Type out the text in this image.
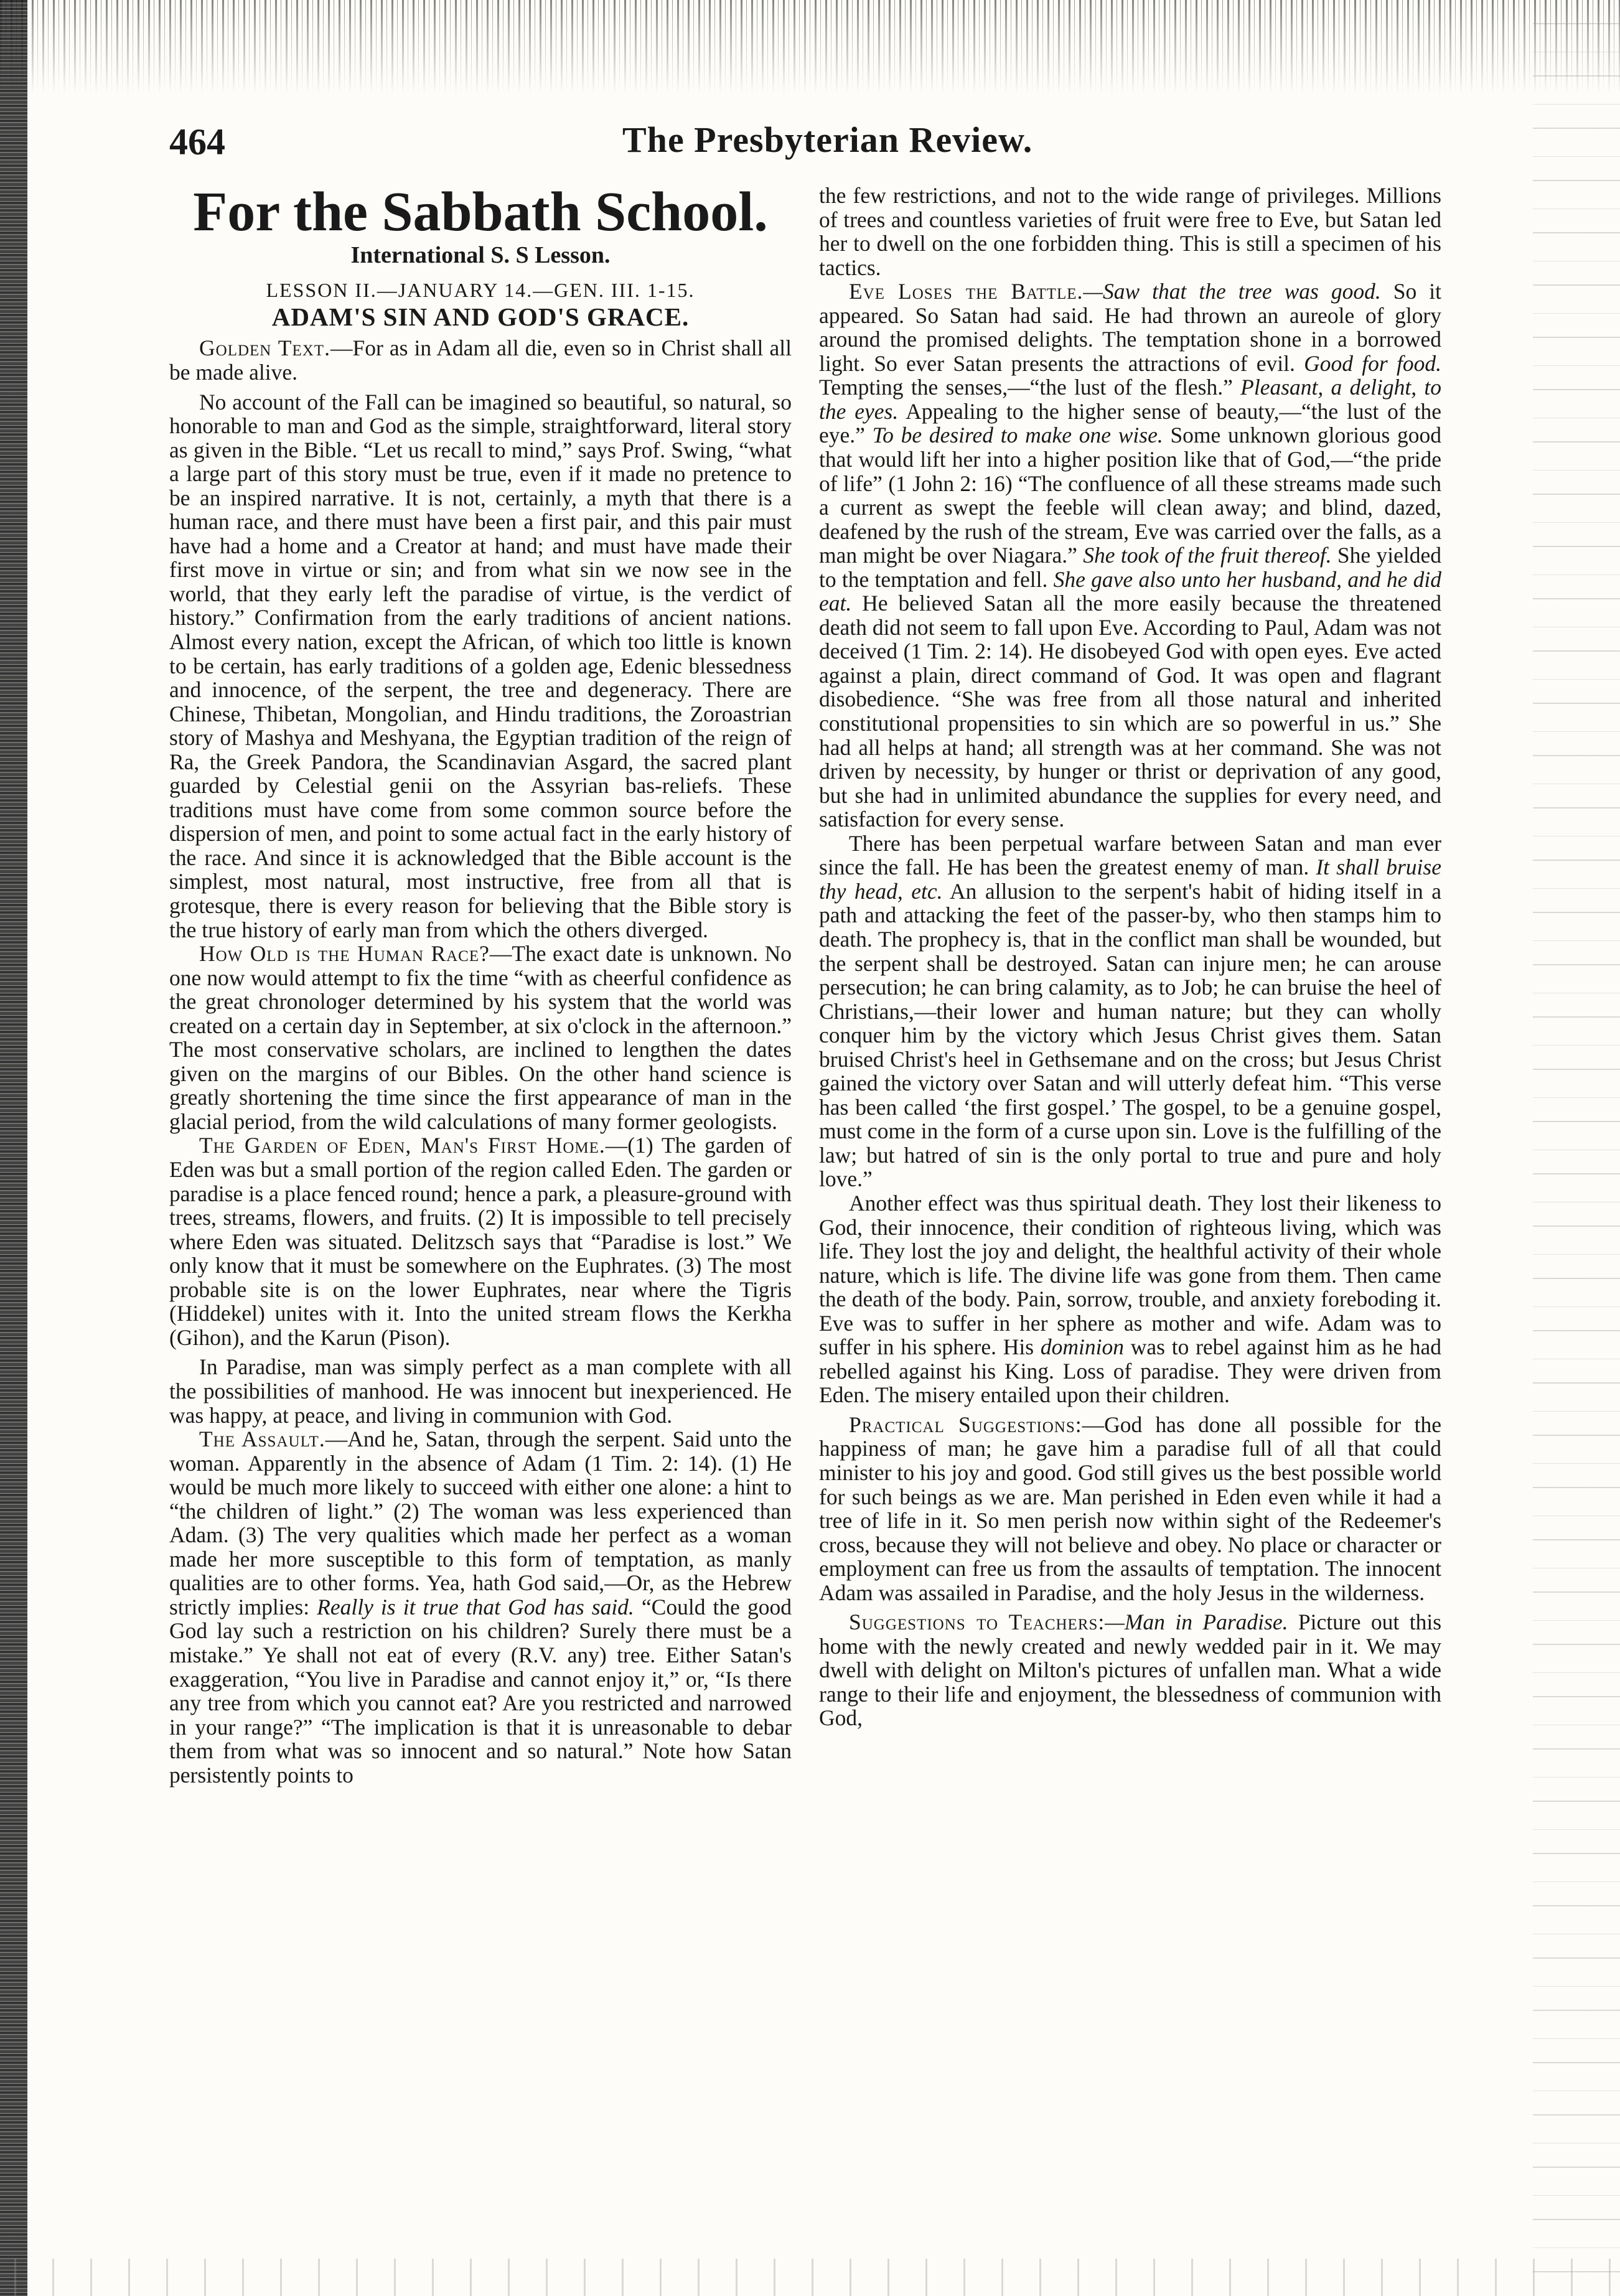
464	The Presbyterian Review.
For the Sabbath School.
International S. S Lesson.
LESSON II.—JANUARY 14.—GEN. III. 1-15.
ADAM'S SIN AND GOD'S GRACE.

Golden Text.—For as in Adam all die, even so in Christ shall all be made alive.

No account of the Fall can be imagined so beautiful, so natural, so honorable to man and God as the simple, straightforward, literal story as given in the Bible. “Let us recall to mind,” says Prof. Swing, “what a large part of this story must be true, even if it made no pretence to be an inspired narrative. It is not, certainly, a myth that there is a human race, and there must have been a first pair, and this pair must have had a home and a Creator at hand; and must have made their first move in virtue or sin; and from what sin we now see in the world, that they early left the paradise of virtue, is the verdict of history.” Confirmation from the early traditions of ancient nations. Almost every nation, except the African, of which too little is known to be certain, has early traditions of a golden age, Edenic blessedness and innocence, of the serpent, the tree and degeneracy. There are Chinese, Thibetan, Mongolian, and Hindu traditions, the Zoroastrian story of Mashya and Meshyana, the Egyptian tradition of the reign of Ra, the Greek Pandora, the Scandinavian Asgard, the sacred plant guarded by Celestial genii on the Assyrian bas-reliefs. These traditions must have come from some common source before the dispersion of men, and point to some actual fact in the early history of the race. And since it is acknowledged that the Bible account is the simplest, most natural, most instructive, free from all that is grotesque, there is every reason for believing that the Bible story is the true history of early man from which the others diverged.

How Old is the Human Race?—The exact date is unknown. No one now would attempt to fix the time “with as cheerful confidence as the great chronologer determined by his system that the world was created on a certain day in September, at six o'clock in the afternoon.” The most conservative scholars, are inclined to lengthen the dates given on the margins of our Bibles. On the other hand science is greatly shortening the time since the first appearance of man in the glacial period, from the wild calculations of many former geologists.

The Garden of Eden, Man's First Home.—(1) The garden of Eden was but a small portion of the region called Eden. The garden or paradise is a place fenced round; hence a park, a pleasure-ground with trees, streams, flowers, and fruits. (2) It is impossible to tell precisely where Eden was situated. Delitzsch says that “Paradise is lost.” We only know that it must be somewhere on the Euphrates. (3) The most probable site is on the lower Euphrates, near where the Tigris (Hiddekel) unites with it. Into the united stream flows the Kerkha (Gihon), and the Karun (Pison).

In Paradise, man was simply perfect as a man complete with all the possibilities of manhood. He was innocent but inexperienced. He was happy, at peace, and living in communion with God.

The Assault.—And he, Satan, through the serpent. Said unto the woman. Apparently in the absence of Adam (1 Tim. 2: 14). (1) He would be much more likely to succeed with either one alone: a hint to “the children of light.” (2) The woman was less experienced than Adam. (3) The very qualities which made her perfect as a woman made her more susceptible to this form of temptation, as manly qualities are to other forms. Yea, hath God said,—Or, as the Hebrew strictly implies: Really is it true that God has said. “Could the good God lay such a restriction on his children? Surely there must be a mistake.” Ye shall not eat of every (R.V. any) tree. Either Satan's exaggeration, “You live in Paradise and cannot enjoy it,” or, “Is there any tree from which you cannot eat? Are you restricted and narrowed in your range?” “The implication is that it is unreasonable to debar them from what was so innocent and so natural.” Note how Satan persistently points to

the few restrictions, and not to the wide range of privileges. Millions of trees and countless varieties of fruit were free to Eve, but Satan led her to dwell on the one forbidden thing. This is still a specimen of his tactics.

Eve Loses the Battle.—Saw that the tree was good. So it appeared. So Satan had said. He had thrown an aureole of glory around the promised delights. The temptation shone in a borrowed light. So ever Satan presents the attractions of evil. Good for food. Tempting the senses,—“the lust of the flesh.” Pleasant, a delight, to the eyes. Appealing to the higher sense of beauty,—“the lust of the eye.” To be desired to make one wise. Some unknown glorious good that would lift her into a higher position like that of God,—“the pride of life” (1 John 2: 16) “The confluence of all these streams made such a current as swept the feeble will clean away; and blind, dazed, deafened by the rush of the stream, Eve was carried over the falls, as a man might be over Niagara.” She took of the fruit thereof. She yielded to the temptation and fell. She gave also unto her husband, and he did eat. He believed Satan all the more easily because the threatened death did not seem to fall upon Eve. According to Paul, Adam was not deceived (1 Tim. 2: 14). He disobeyed God with open eyes. Eve acted against a plain, direct command of God. It was open and flagrant disobedience. “She was free from all those natural and inherited constitutional propensities to sin which are so powerful in us.” She had all helps at hand; all strength was at her command. She was not driven by necessity, by hunger or thrist or deprivation of any good, but she had in unlimited abundance the supplies for every need, and satisfaction for every sense.

There has been perpetual warfare between Satan and man ever since the fall. He has been the greatest enemy of man. It shall bruise thy head, etc. An allusion to the serpent's habit of hiding itself in a path and attacking the feet of the passer-by, who then stamps him to death. The prophecy is, that in the conflict man shall be wounded, but the serpent shall be destroyed. Satan can injure men; he can arouse persecution; he can bring calamity, as to Job; he can bruise the heel of Christians,—their lower and human nature; but they can wholly conquer him by the victory which Jesus Christ gives them. Satan bruised Christ's heel in Gethsemane and on the cross; but Jesus Christ gained the victory over Satan and will utterly defeat him. “This verse has been called ‘the first gospel.’ The gospel, to be a genuine gospel, must come in the form of a curse upon sin. Love is the fulfilling of the law; but hatred of sin is the only portal to true and pure and holy love.”

Another effect was thus spiritual death. They lost their likeness to God, their innocence, their condition of righteous living, which was life. They lost the joy and delight, the healthful activity of their whole nature, which is life. The divine life was gone from them. Then came the death of the body. Pain, sorrow, trouble, and anxiety foreboding it. Eve was to suffer in her sphere as mother and wife. Adam was to suffer in his sphere. His dominion was to rebel against him as he had rebelled against his King. Loss of paradise. They were driven from Eden. The misery entailed upon their children.

Practical Suggestions:—God has done all possible for the happiness of man; he gave him a paradise full of all that could minister to his joy and good. God still gives us the best possible world for such beings as we are. Man perished in Eden even while it had a tree of life in it. So men perish now within sight of the Redeemer's cross, because they will not believe and obey. No place or character or employment can free us from the assaults of temptation. The innocent Adam was assailed in Paradise, and the holy Jesus in the wilderness.

Suggestions to Teachers:—Man in Paradise. Picture out this home with the newly created and newly wedded pair in it. We may dwell with delight on Milton's pictures of unfallen man. What a wide range to their life and enjoyment, the blessedness of communion with God,
